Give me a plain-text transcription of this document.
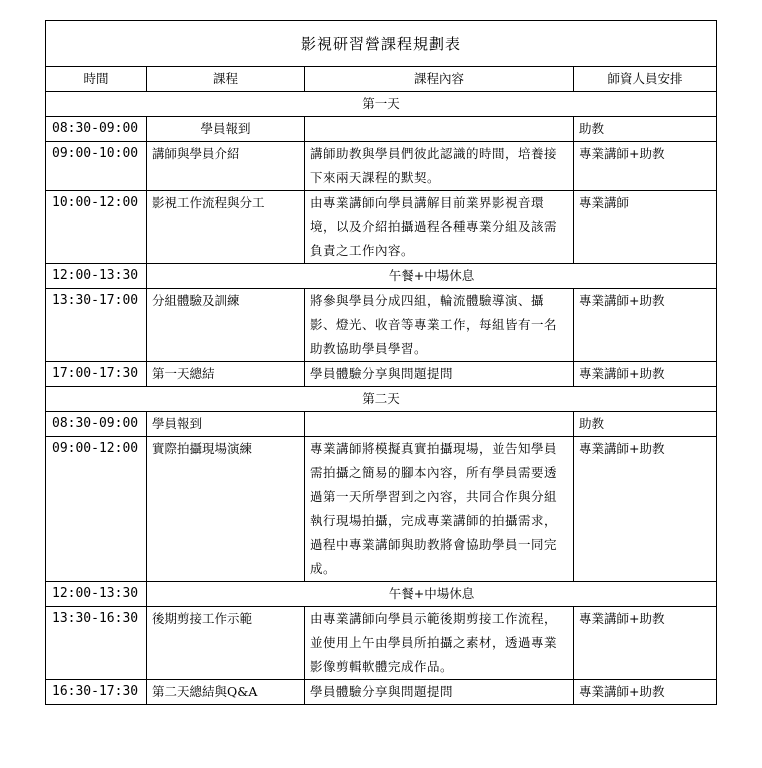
影視研習營課程規劃表			
時間	課程	課程內容	師資人員安排
第一天			
08:30-09:00	學員報到		助教
09:00-10:00	講師與學員介紹	講師助教與學員們彼此認識的時間，培養接下來兩天課程的默契。	專業講師+助教
10:00-12:00	影視工作流程與分工	由專業講師向學員講解目前業界影視音環境，以及介紹拍攝過程各種專業分組及該需負責之工作內容。	專業講師
12:00-13:30	午餐+中場休息		
13:30-17:00	分組體驗及訓練	將參與學員分成四組，輪流體驗導演、攝影、燈光、收音等專業工作，每組皆有一名助教協助學員學習。	專業講師+助教
17:00-17:30	第一天總結	學員體驗分享與問題提問	專業講師+助教
第二天			
08:30-09:00	學員報到		助教
09:00-12:00	實際拍攝現場演練	專業講師將模擬真實拍攝現場，並告知學員需拍攝之簡易的腳本內容，所有學員需要透過第一天所學習到之內容，共同合作與分組執行現場拍攝，完成專業講師的拍攝需求，過程中專業講師與助教將會協助學員一同完成。	專業講師+助教
12:00-13:30	午餐+中場休息		
13:30-16:30	後期剪接工作示範	由專業講師向學員示範後期剪接工作流程，並使用上午由學員所拍攝之素材，透過專業影像剪輯軟體完成作品。	專業講師+助教
16:30-17:30	第二天總結與Q&A	學員體驗分享與問題提問	專業講師+助教
